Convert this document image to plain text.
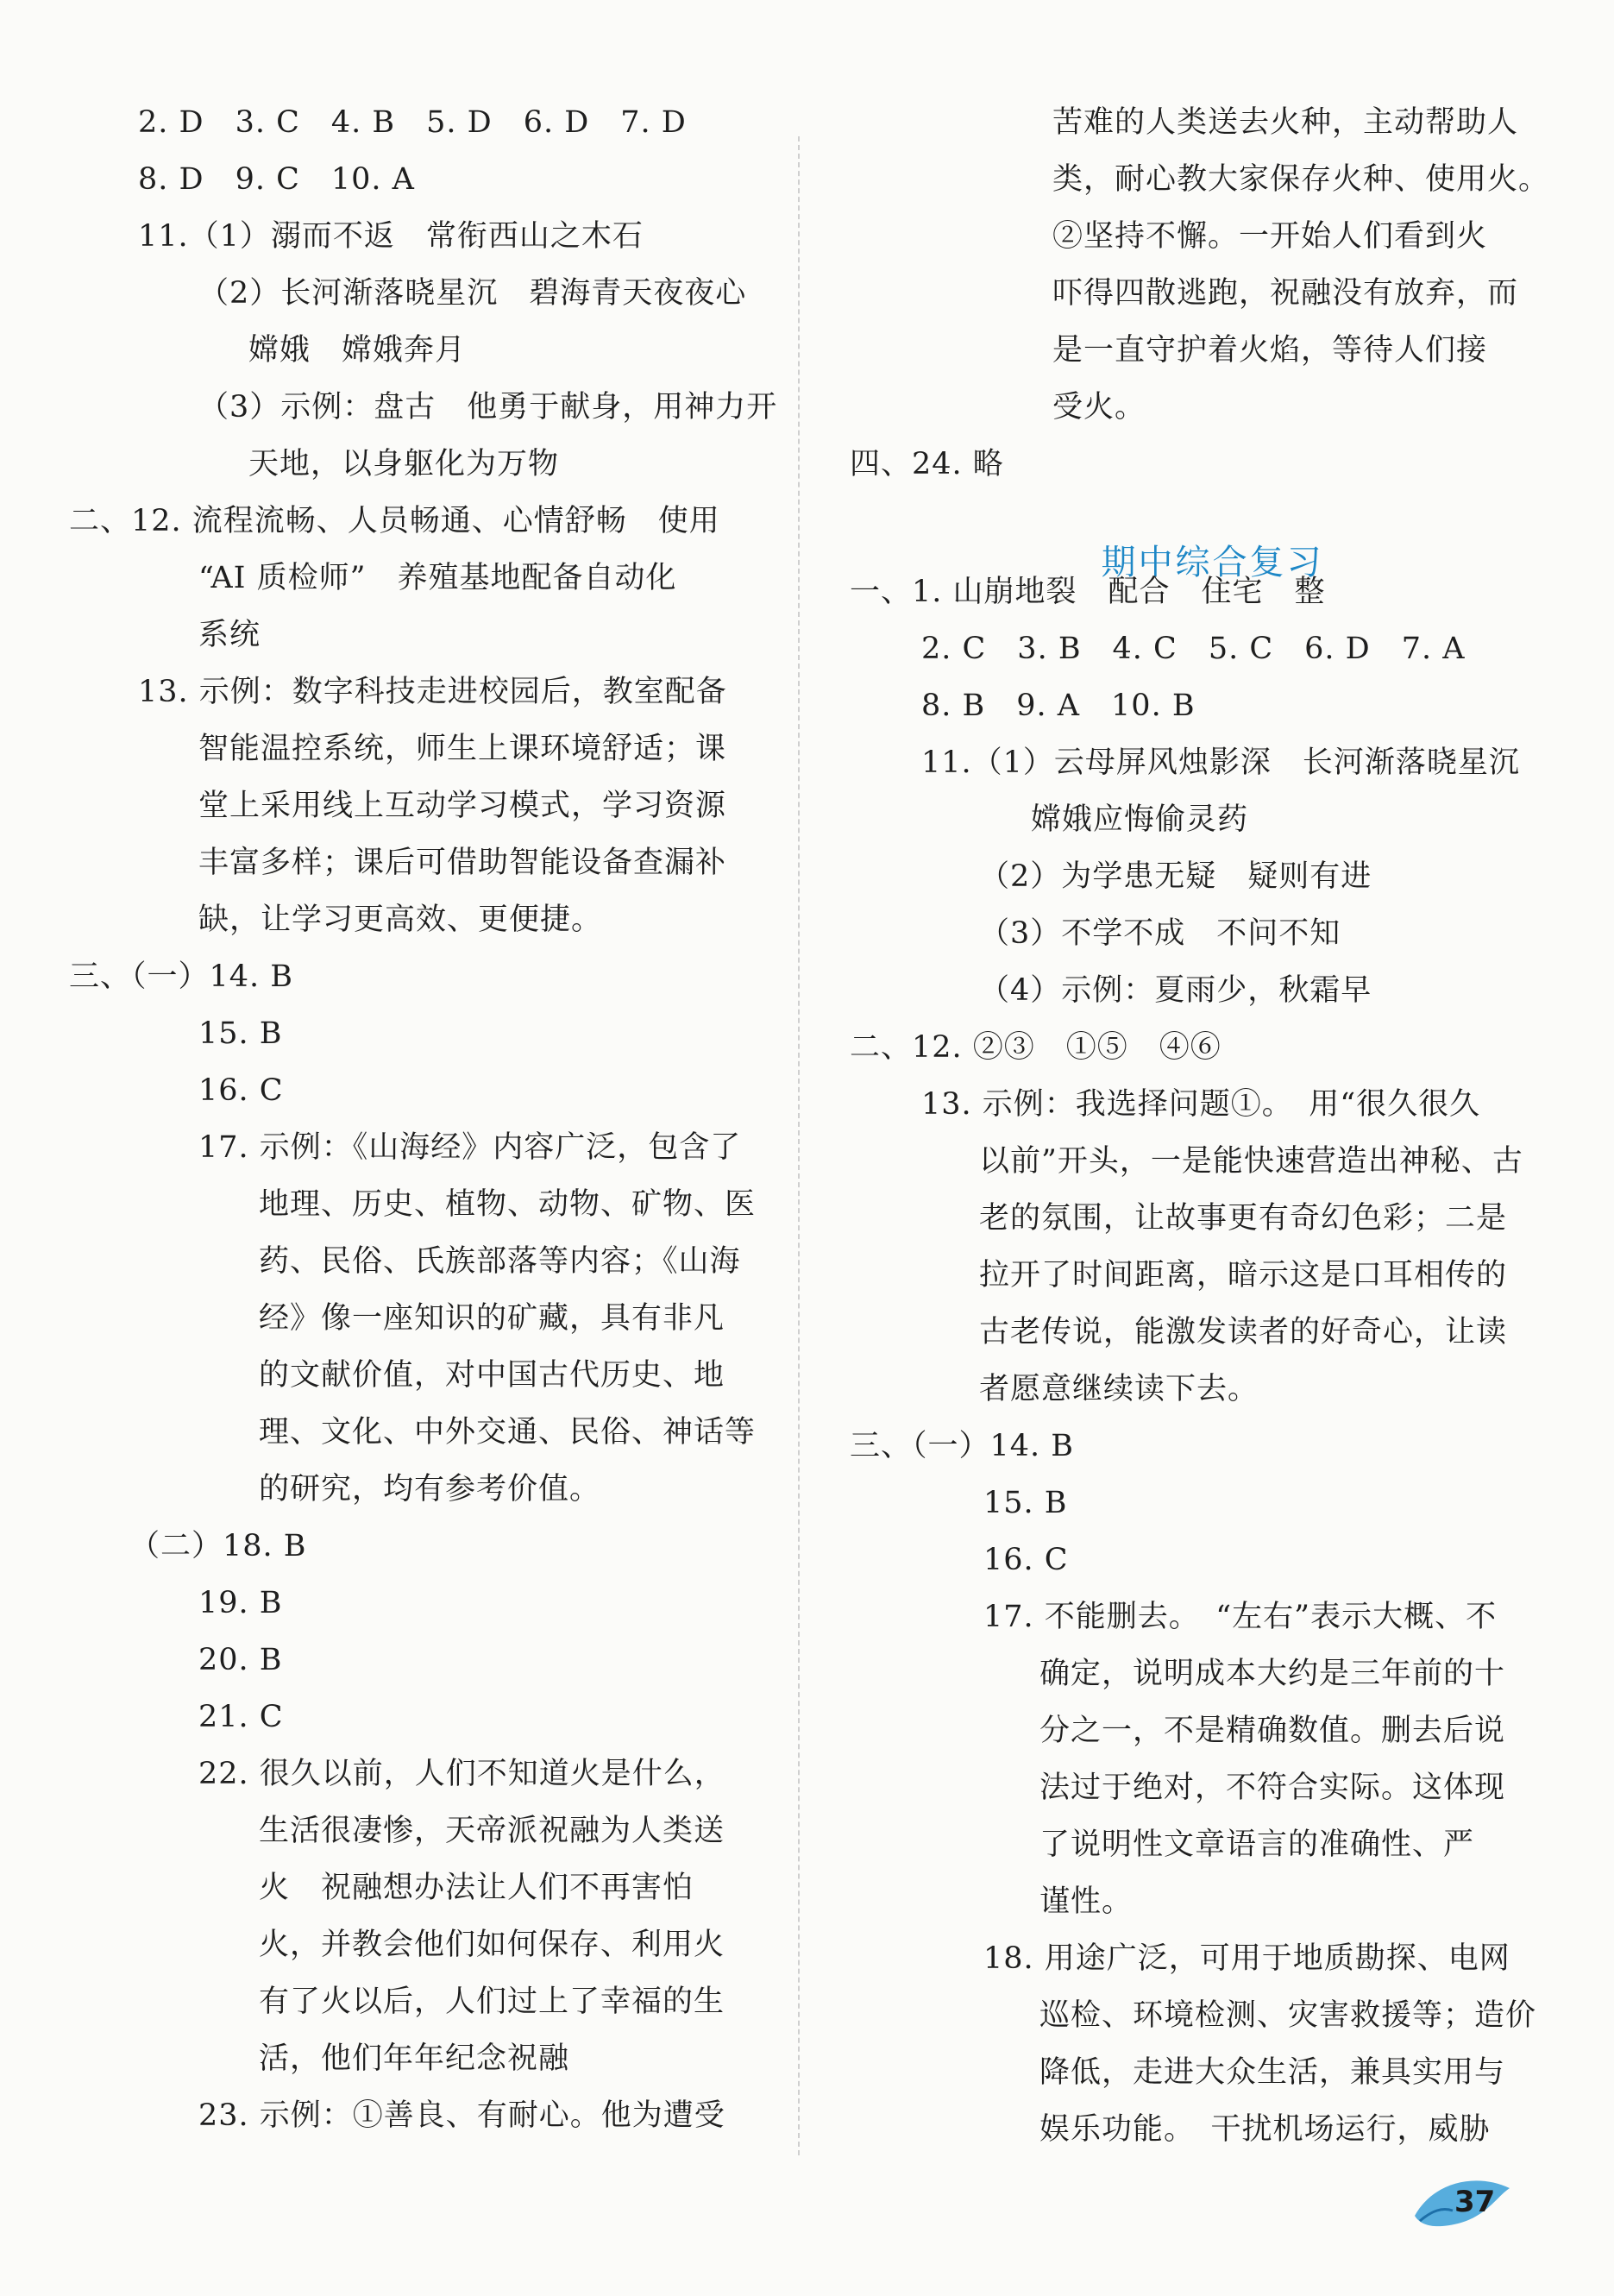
2. D　3. C　4. B　5. D　6. D　7. D
8. D　9. C　10. A
11.（1）溺而不返　常衔西山之木石
（2）长河渐落晓星沉　碧海青天夜夜心
嫦娥　嫦娥奔月
（3）示例：盘古　他勇于献身，用神力开
天地，以身躯化为万物
二、12. 流程流畅、人员畅通、心情舒畅　使用
“AI 质检师”　养殖基地配备自动化
系统
13. 示例：数字科技走进校园后，教室配备
智能温控系统，师生上课环境舒适；课
堂上采用线上互动学习模式，学习资源
丰富多样；课后可借助智能设备查漏补
缺，让学习更高效、更便捷。
三、（一）14. B
15. B
16. C
17. 示例：《山海经》内容广泛，包含了
地理、历史、植物、动物、矿物、医
药、民俗、氏族部落等内容；《山海
经》像一座知识的矿藏，具有非凡
的文献价值，对中国古代历史、地
理、文化、中外交通、民俗、神话等
的研究，均有参考价值。
（二）18. B
19. B
20. B
21. C
22. 很久以前，人们不知道火是什么，
生活很凄惨，天帝派祝融为人类送
火　祝融想办法让人们不再害怕
火，并教会他们如何保存、利用火
有了火以后，人们过上了幸福的生
活，他们年年纪念祝融
23. 示例：①善良、有耐心。他为遭受
期中综合复习
苦难的人类送去火种，主动帮助人
类，耐心教大家保存火种、使用火。
②坚持不懈。一开始人们看到火
吓得四散逃跑，祝融没有放弃，而
是一直守护着火焰，等待人们接
受火。
四、24. 略
一、1. 山崩地裂　配合　住宅　整
2. C　3. B　4. C　5. C　6. D　7. A
8. B　9. A　10. B
11.（1）云母屏风烛影深　长河渐落晓星沉
嫦娥应悔偷灵药
（2）为学患无疑　疑则有进
（3）不学不成　不问不知
（4）示例：夏雨少，秋霜早
二、12. ②③　①⑤　④⑥
13. 示例：我选择问题①。　用“很久很久
以前”开头，一是能快速营造出神秘、古
老的氛围，让故事更有奇幻色彩；二是
拉开了时间距离，暗示这是口耳相传的
古老传说，能激发读者的好奇心，让读
者愿意继续读下去。
三、（一）14. B
15. B
16. C
17. 不能删去。　“左右”表示大概、不
确定，说明成本大约是三年前的十
分之一，不是精确数值。删去后说
法过于绝对，不符合实际。这体现
了说明性文章语言的准确性、严
谨性。
18. 用途广泛，可用于地质勘探、电网
巡检、环境检测、灾害救援等；造价
降低，走进大众生活，兼具实用与
娱乐功能。　干扰机场运行，威胁
37
